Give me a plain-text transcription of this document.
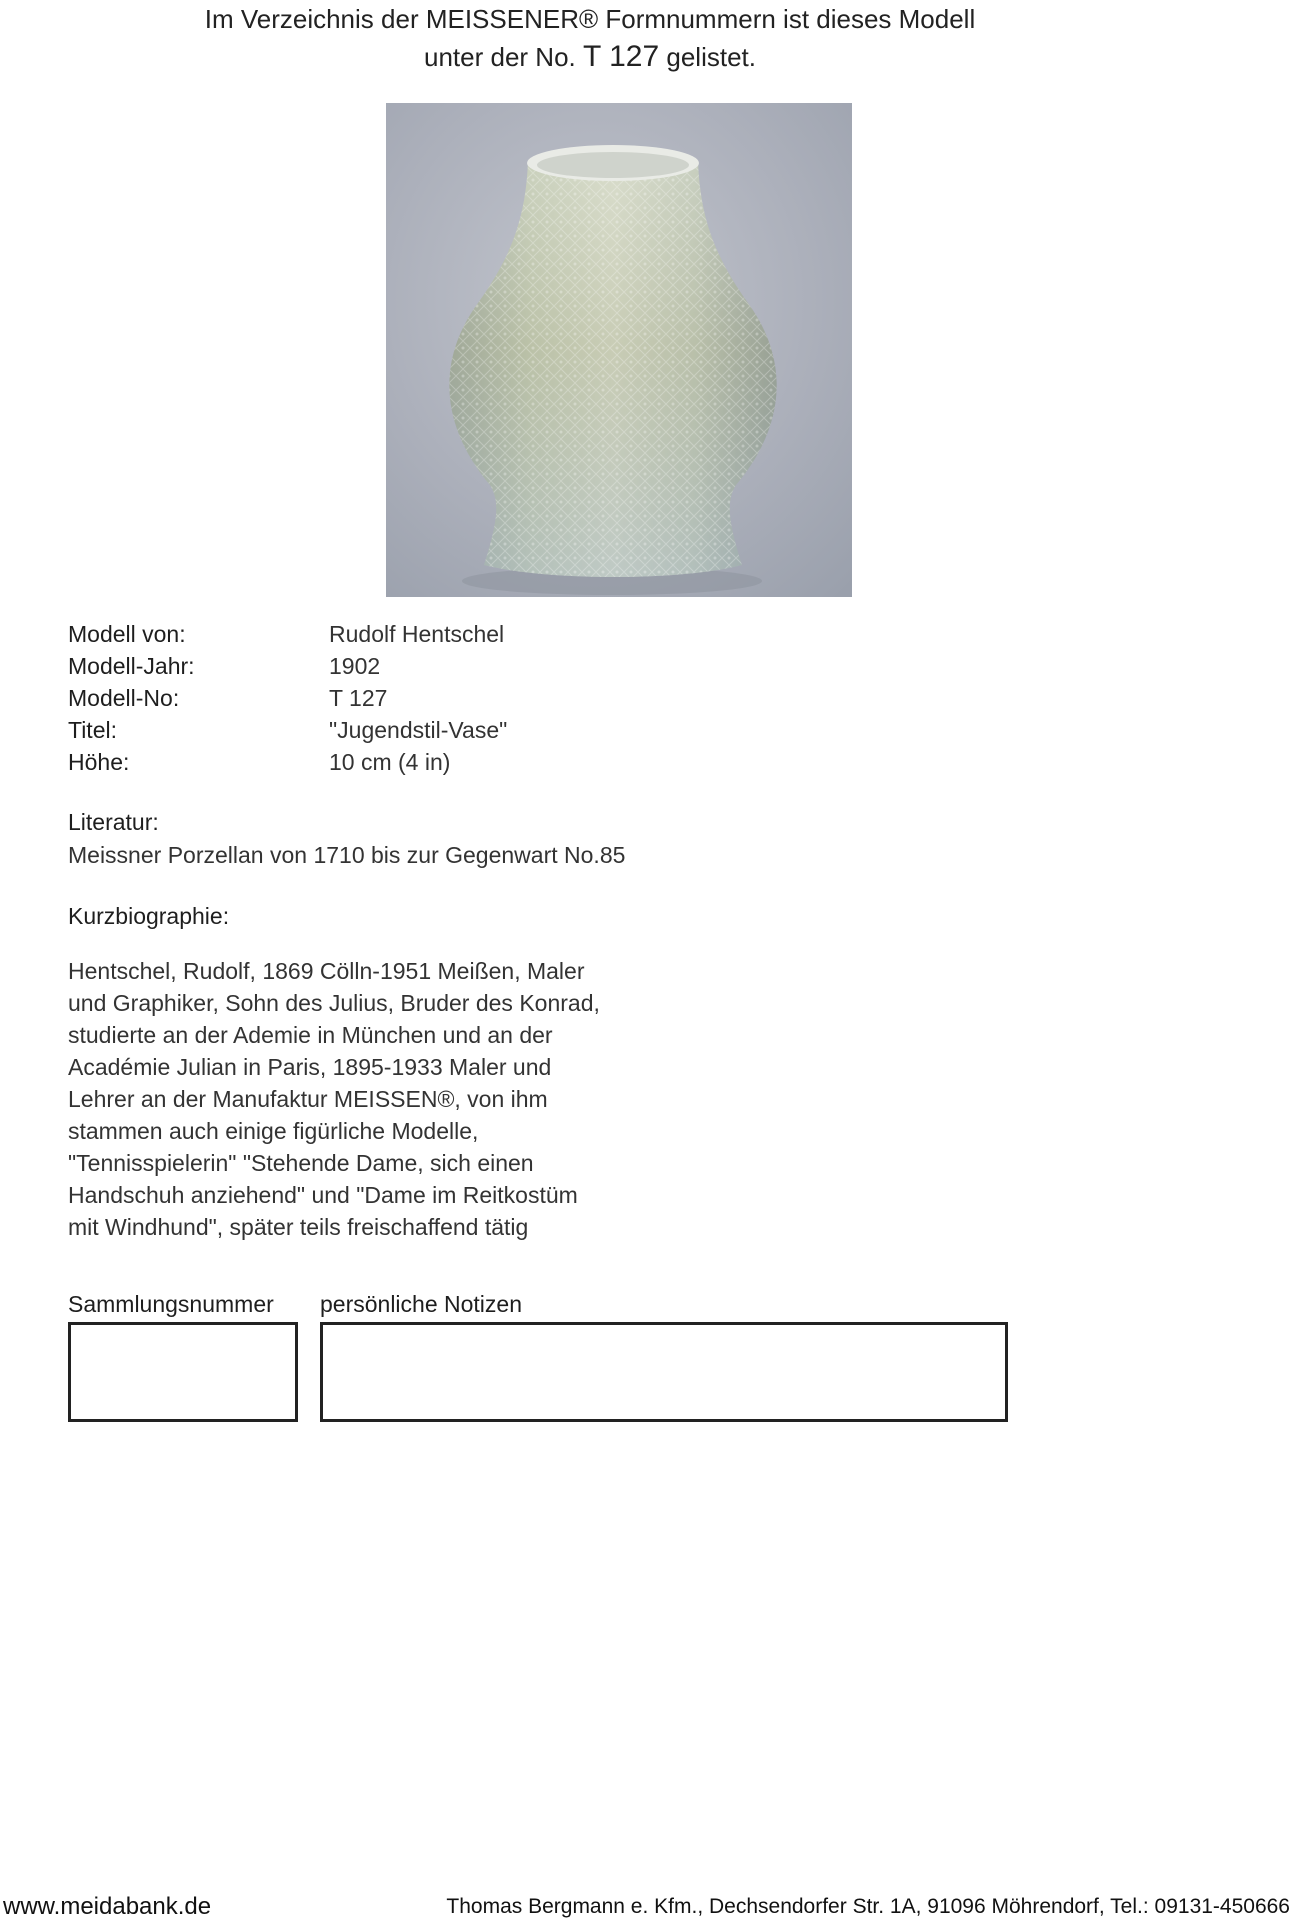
Im Verzeichnis der MEISSENER® Formnummern ist dieses Modell
unter der No. T 127 gelistet.
Modell von:	Rudolf Hentschel
Modell-Jahr:	1902
Modell-No:	T 127
Titel:	"Jugendstil-Vase"
Höhe:	10 cm (4 in)
Literatur:
Meissner Porzellan von 1710 bis zur Gegenwart No.85
Kurzbiographie:
Hentschel, Rudolf, 1869 Cölln-1951 Meißen, Maler
und Graphiker, Sohn des Julius, Bruder des Konrad,
studierte an der Ademie in München und an der
Académie Julian in Paris, 1895-1933 Maler und
Lehrer an der Manufaktur MEISSEN®, von ihm
stammen auch einige figürliche Modelle,
"Tennisspielerin" "Stehende Dame, sich einen
Handschuh anziehend" und "Dame im Reitkostüm
mit Windhund", später teils freischaffend tätig
Sammlungsnummer persönliche Notizen
www.meidabank.de	Thomas Bergmann e. Kfm., Dechsendorfer Str. 1A, 91096 Möhrendorf, Tel.: 09131-450666
